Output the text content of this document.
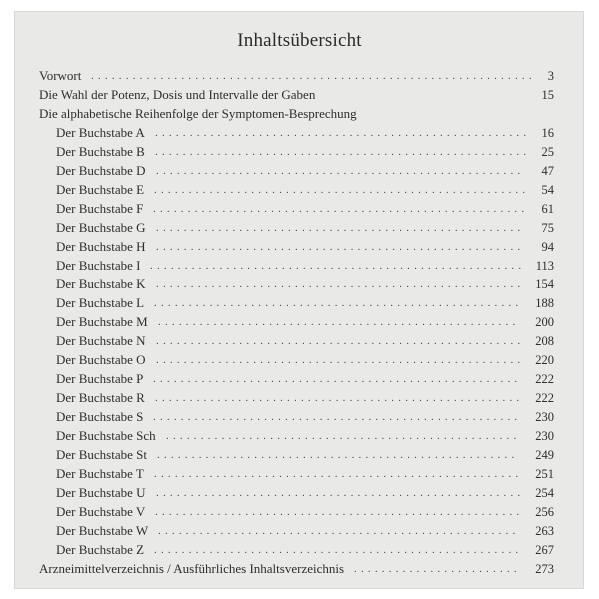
Inhaltsübersicht
Vorwort ................................................................ 3
Die Wahl der Potenz, Dosis und Intervalle der Gaben	15
Die alphabetische Reihenfolge der Symptomen-Besprechung
Der Buchstabe A ...................................................... 16
Der Buchstabe B ...................................................... 25
Der Buchstabe D .....................................................	47
Der Buchstabe E ...................................................... 54
Der Buchstabe F ......................................................	61
Der Buchstabe G .....................................................	75
Der Buchstabe H .....................................................	94
Der Buchstabe I ...................................................... 113
Der Buchstabe K ..................................................... 154
Der Buchstabe L .....................................................	188
Der Buchstabe M ....................................................	200
Der Buchstabe N ..................................................... 208
Der Buchstabe O ..................................................... 220
Der Buchstabe P .....................................................	222
Der Buchstabe R ..................................................... 222
Der Buchstabe S .....................................................	230
Der Buchstabe Sch ...................................................	230
Der Buchstabe St ....................................................	249
Der Buchstabe T .....................................................	251
Der Buchstabe U ..................................................... 254
Der Buchstabe V ..................................................... 256
Der Buchstabe W ....................................................	263
Der Buchstabe Z .....................................................	267
Arzneimittelverzeichnis / Ausführliches Inhaltsverzeichnis ........................	273
